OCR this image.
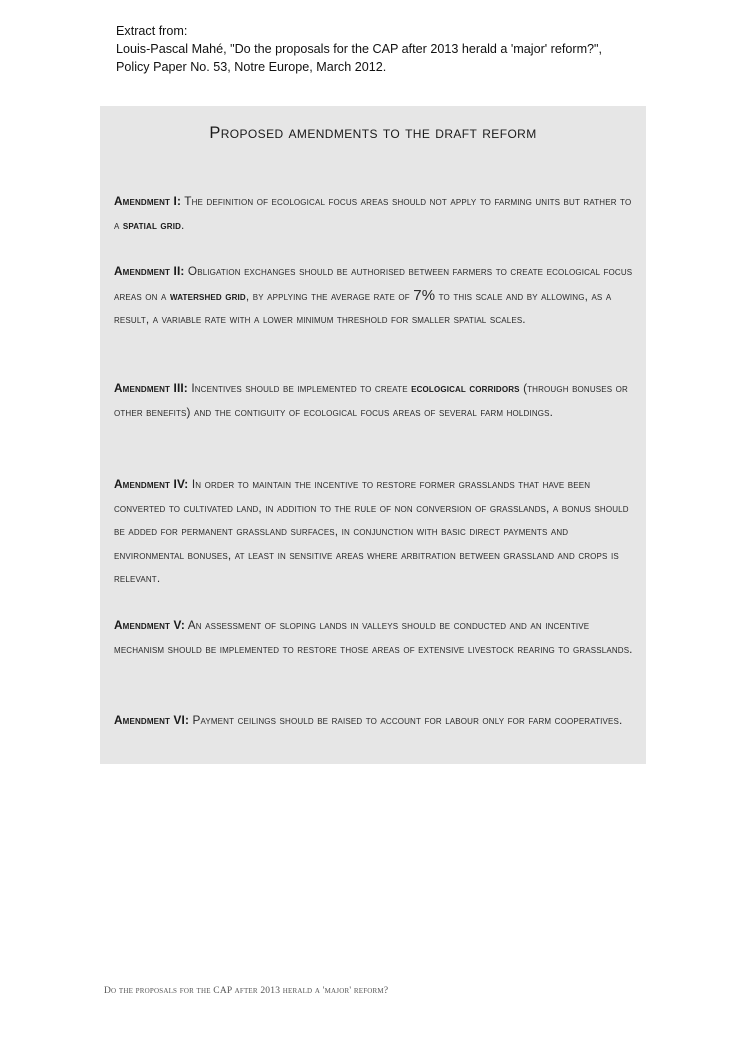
Extract from:
Louis-Pascal Mahé, "Do the proposals for the CAP after 2013 herald a 'major' reform?",
Policy Paper No. 53, Notre Europe, March 2012.
Proposed amendments to the draft reform
Amendment I: The definition of ecological focus areas should not apply to farming units but rather to a spatial grid.
Amendment II: Obligation exchanges should be authorised between farmers to create ecological focus areas on a watershed grid, by applying the average rate of 7% to this scale and by allowing, as a result, a variable rate with a lower minimum threshold for smaller spatial scales.
Amendment III: Incentives should be implemented to create ecological corridors (through bonuses or other benefits) and the contiguity of ecological focus areas of several farm holdings.
Amendment IV: In order to maintain the incentive to restore former grasslands that have been converted to cultivated land, in addition to the rule of non conversion of grasslands, a bonus should be added for permanent grassland surfaces, in conjunction with basic direct payments and environmental bonuses, at least in sensitive areas where arbitration between grassland and crops is relevant.
Amendment V: An assessment of sloping lands in valleys should be conducted and an incentive mechanism should be implemented to restore those areas of extensive livestock rearing to grasslands.
Amendment VI: Payment ceilings should be raised to account for labour only for farm cooperatives.
Do the proposals for the CAP after 2013 herald a 'major' reform?
